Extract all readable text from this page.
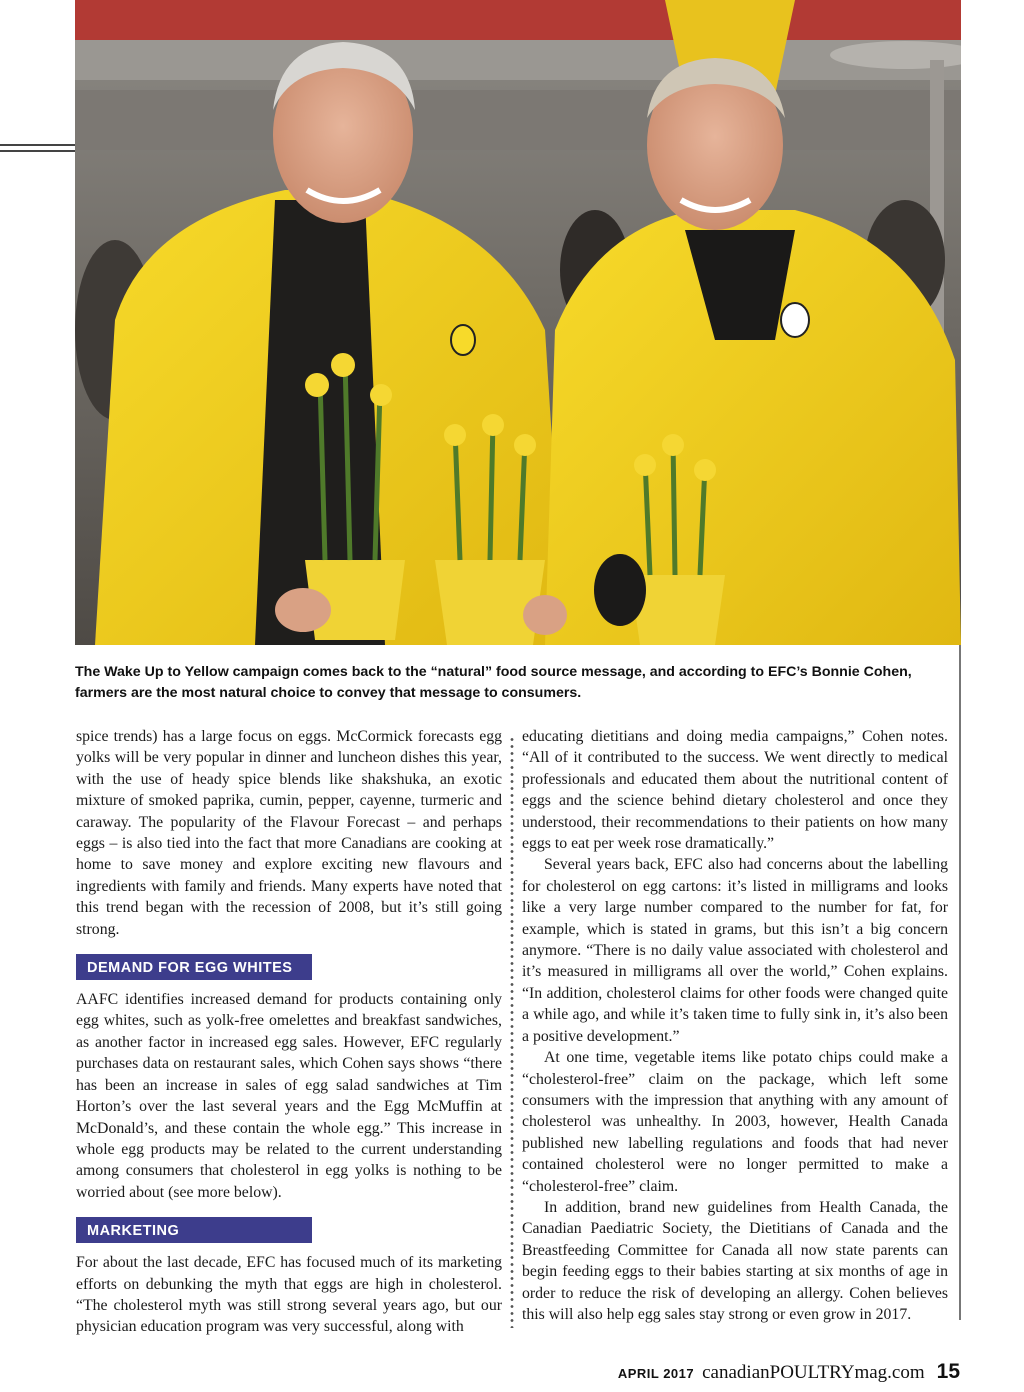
The Wake Up to Yellow campaign comes back to the “natural” food source message, and according to EFC’s Bonnie Cohen, farmers are the most natural choice to convey that message to consumers.

spice trends) has a large focus on eggs. McCormick forecasts egg yolks will be very popular in dinner and luncheon dishes this year, with the use of heady spice blends like shakshuka, an exotic mixture of smoked paprika, cumin, pepper, cayenne, turmeric and caraway. The popularity of the Flavour Forecast – and perhaps eggs – is also tied into the fact that more Canadians are cooking at home to save money and explore exciting new flavours and ingredients with family and friends. Many experts have noted that this trend began with the recession of 2008, but it’s still going strong.

DEMAND FOR EGG WHITES

AAFC identifies increased demand for products containing only egg whites, such as yolk-free omelettes and breakfast sandwiches, as another factor in increased egg sales. However, EFC regularly purchases data on restaurant sales, which Cohen says shows “there has been an increase in sales of egg salad sandwiches at Tim Horton’s over the last several years and the Egg McMuffin at McDonald’s, and these contain the whole egg.” This increase in whole egg products may be related to the current understanding among consumers that cholesterol in egg yolks is nothing to be worried about (see more below).

MARKETING

For about the last decade, EFC has focused much of its marketing efforts on debunking the myth that eggs are high in cholesterol. “The cholesterol myth was still strong several years ago, but our physician education program was very successful, along with

educating dietitians and doing media campaigns,” Cohen notes. “All of it contributed to the success. We went directly to medical professionals and educated them about the nutritional content of eggs and the science behind dietary cholesterol and once they understood, their recommendations to their patients on how many eggs to eat per week rose dramatically.”

Several years back, EFC also had concerns about the labelling for cholesterol on egg cartons: it’s listed in milligrams and looks like a very large number compared to the number for fat, for example, which is stated in grams, but this isn’t a big concern anymore. “There is no daily value associated with cholesterol and it’s measured in milligrams all over the world,” Cohen explains. “In addition, cholesterol claims for other foods were changed quite a while ago, and while it’s taken time to fully sink in, it’s also been a positive development.”

At one time, vegetable items like potato chips could make a “cholesterol-free” claim on the package, which left some consumers with the impression that anything with any amount of cholesterol was unhealthy. In 2003, however, Health Canada published new labelling regulations and foods that had never contained cholesterol were no longer permitted to make a “cholesterol-free” claim.

In addition, brand new guidelines from Health Canada, the Canadian Paediatric Society, the Dietitians of Canada and the Breastfeeding Committee for Canada all now state parents can begin feeding eggs to their babies starting at six months of age in order to reduce the risk of developing an allergy. Cohen believes this will also help egg sales stay strong or even grow in 2017.

APRIL 2017 canadianPOULTRYmag.com 15
